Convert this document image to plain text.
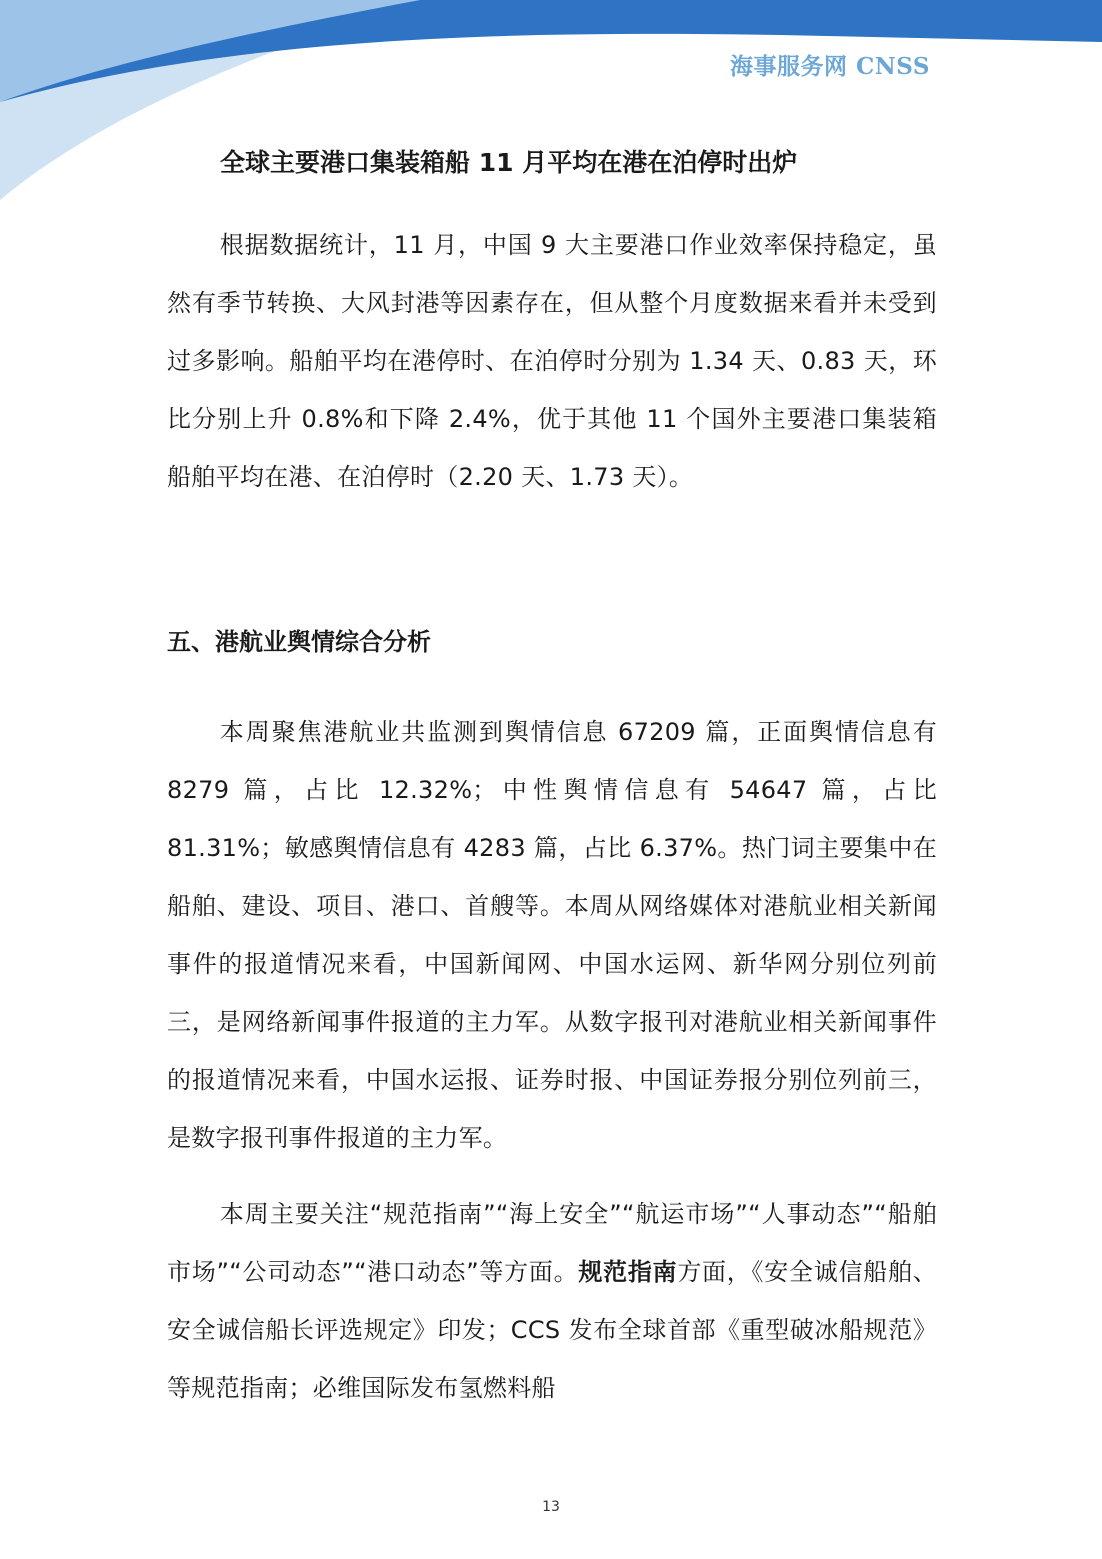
海事服务网 CNSS
全球主要港口集装箱船 11 月平均在港在泊停时出炉

根据数据统计，11 月，中国 9 大主要港口作业效率保持稳定，虽然有季节转换、大风封港等因素存在，但从整个月度数据来看并未受到过多影响。船舶平均在港停时、在泊停时分别为 1.34 天、0.83 天，环比分别上升 0.8%和下降 2.4%，优于其他 11 个国外主要港口集装箱船舶平均在港、在泊停时（2.20 天、1.73 天）。

五、港航业舆情综合分析

本周聚焦港航业共监测到舆情信息 67209 篇，正面舆情信息有 8279 篇，占比 12.32%；中性舆情信息有 54647 篇，占比 81.31%；敏感舆情信息有 4283 篇，占比 6.37%。热门词主要集中在船舶、建设、项目、港口、首艘等。本周从网络媒体对港航业相关新闻事件的报道情况来看，中国新闻网、中国水运网、新华网分别位列前三，是网络新闻事件报道的主力军。从数字报刊对港航业相关新闻事件的报道情况来看，中国水运报、证券时报、中国证券报分别位列前三，是数字报刊事件报道的主力军。

本周主要关注“规范指南”“海上安全”“航运市场”“人事动态”“船舶市场”“公司动态”“港口动态”等方面。规范指南方面，《安全诚信船舶、安全诚信船长评选规定》印发；CCS 发布全球首部《重型破冰船规范》等规范指南；必维国际发布氢燃料船

13
